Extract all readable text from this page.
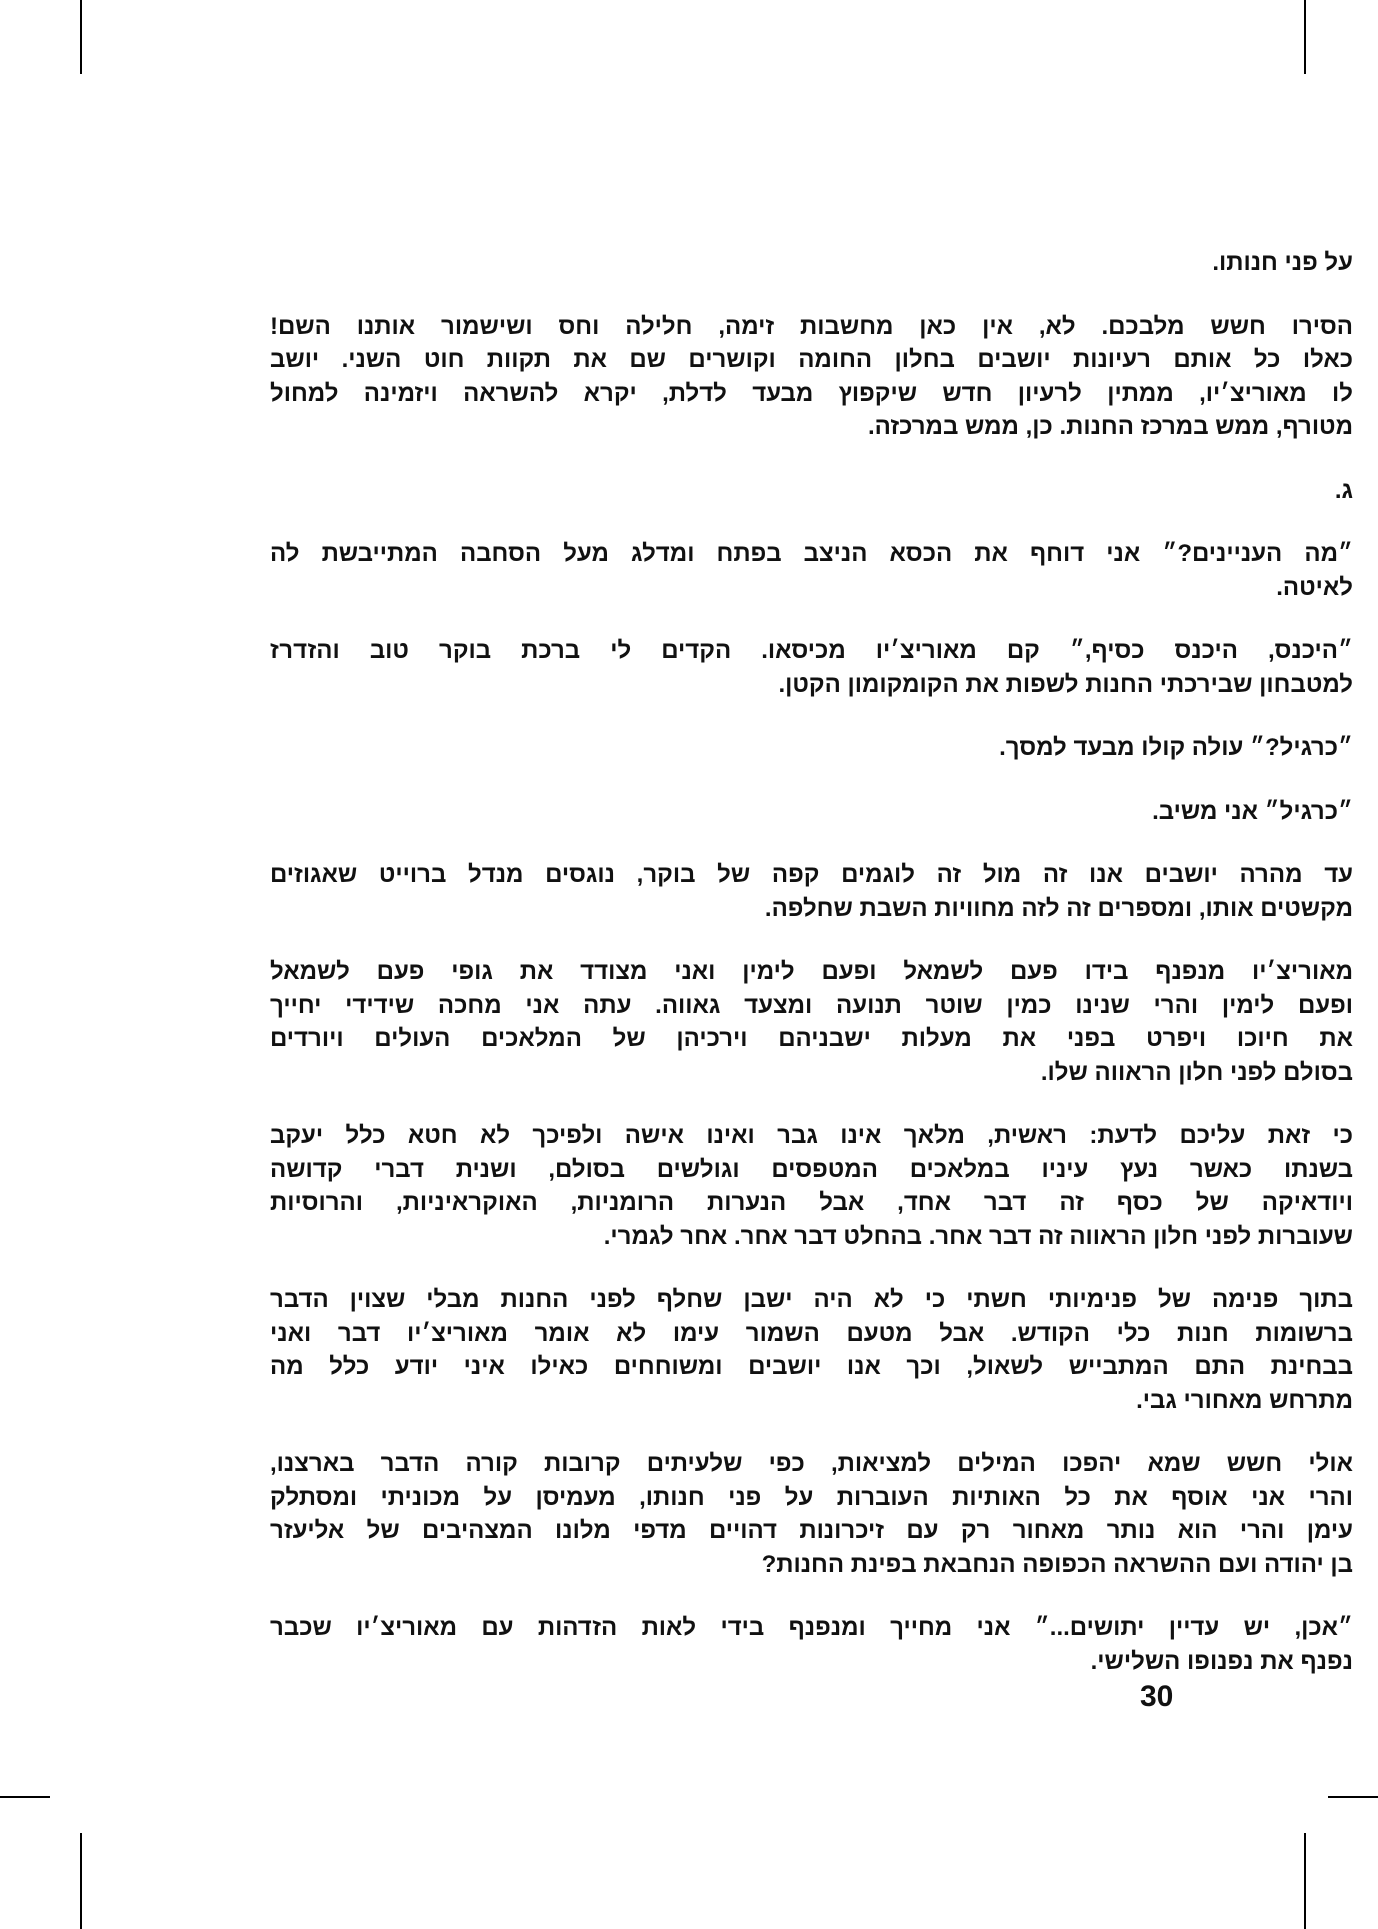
על פני חנותו.
הסירו חשש מלבכם. לא, אין כאן מחשבות זימה, חלילה וחס ושישמור אותנו השם!
כאלו כל אותם רעיונות יושבים בחלון החומה וקושרים שם את תקוות חוט השני. יושב
לו מאוריצ׳יו, ממתין לרעיון חדש שיקפוץ מבעד לדלת, יקרא להשראה ויזמינה למחול
מטורף, ממש במרכז החנות. כן, ממש במרכזה.
ג.
״מה העניינים?״ אני דוחף את הכסא הניצב בפתח ומדלג מעל הסחבה המתייבשת לה
לאיטה.
״היכנס, היכנס כסיף,״ קם מאוריצ׳יו מכיסאו. הקדים לי ברכת בוקר טוב והזדרז
למטבחון שבירכתי החנות לשפות את הקומקומון הקטן.
״כרגיל?״ עולה קולו מבעד למסך.
״כרגיל״ אני משיב.
עד מהרה יושבים אנו זה מול זה לוגמים קפה של בוקר, נוגסים מנדל ברוייט שאגוזים
מקשטים אותו, ומספרים זה לזה מחוויות השבת שחלפה.
מאוריצ׳יו מנפנף בידו פעם לשמאל ופעם לימין ואני מצודד את גופי פעם לשמאל
ופעם לימין והרי שנינו כמין שוטר תנועה ומצעד גאווה. עתה אני מחכה שידידי יחייך
את חיוכו ויפרט בפני את מעלות ישבניהם וירכיהן של המלאכים העולים ויורדים
בסולם לפני חלון הראווה שלו.
כי זאת עליכם לדעת: ראשית, מלאך אינו גבר ואינו אישה ולפיכך לא חטא כלל יעקב
בשנתו כאשר נעץ עיניו במלאכים המטפסים וגולשים בסולם, ושנית דברי קדושה
ויודאיקה של כסף זה דבר אחד, אבל הנערות הרומניות, האוקראיניות, והרוסיות
שעוברות לפני חלון הראווה זה דבר אחר. בהחלט דבר אחר. אחר לגמרי.
בתוך פנימה של פנימיותי חשתי כי לא היה ישבן שחלף לפני החנות מבלי שצוין הדבר
ברשומות חנות כלי הקודש. אבל מטעם השמור עימו לא אומר מאוריצ׳יו דבר ואני
בבחינת התם המתבייש לשאול, וכך אנו יושבים ומשוחחים כאילו איני יודע כלל מה
מתרחש מאחורי גבי.
אולי חשש שמא יהפכו המילים למציאות, כפי שלעיתים קרובות קורה הדבר בארצנו,
והרי אני אוסף את כל האותיות העוברות על פני חנותו, מעמיסן על מכוניתי ומסתלק
עימן והרי הוא נותר מאחור רק עם זיכרונות דהויים מדפי מלונו המצהיבים של אליעזר
בן יהודה ועם ההשראה הכפופה הנחבאת בפינת החנות?
״אכן, יש עדיין יתושים...״ אני מחייך ומנפנף בידי לאות הזדהות עם מאוריצ׳יו שכבר
נפנף את נפנופו השלישי.
30
